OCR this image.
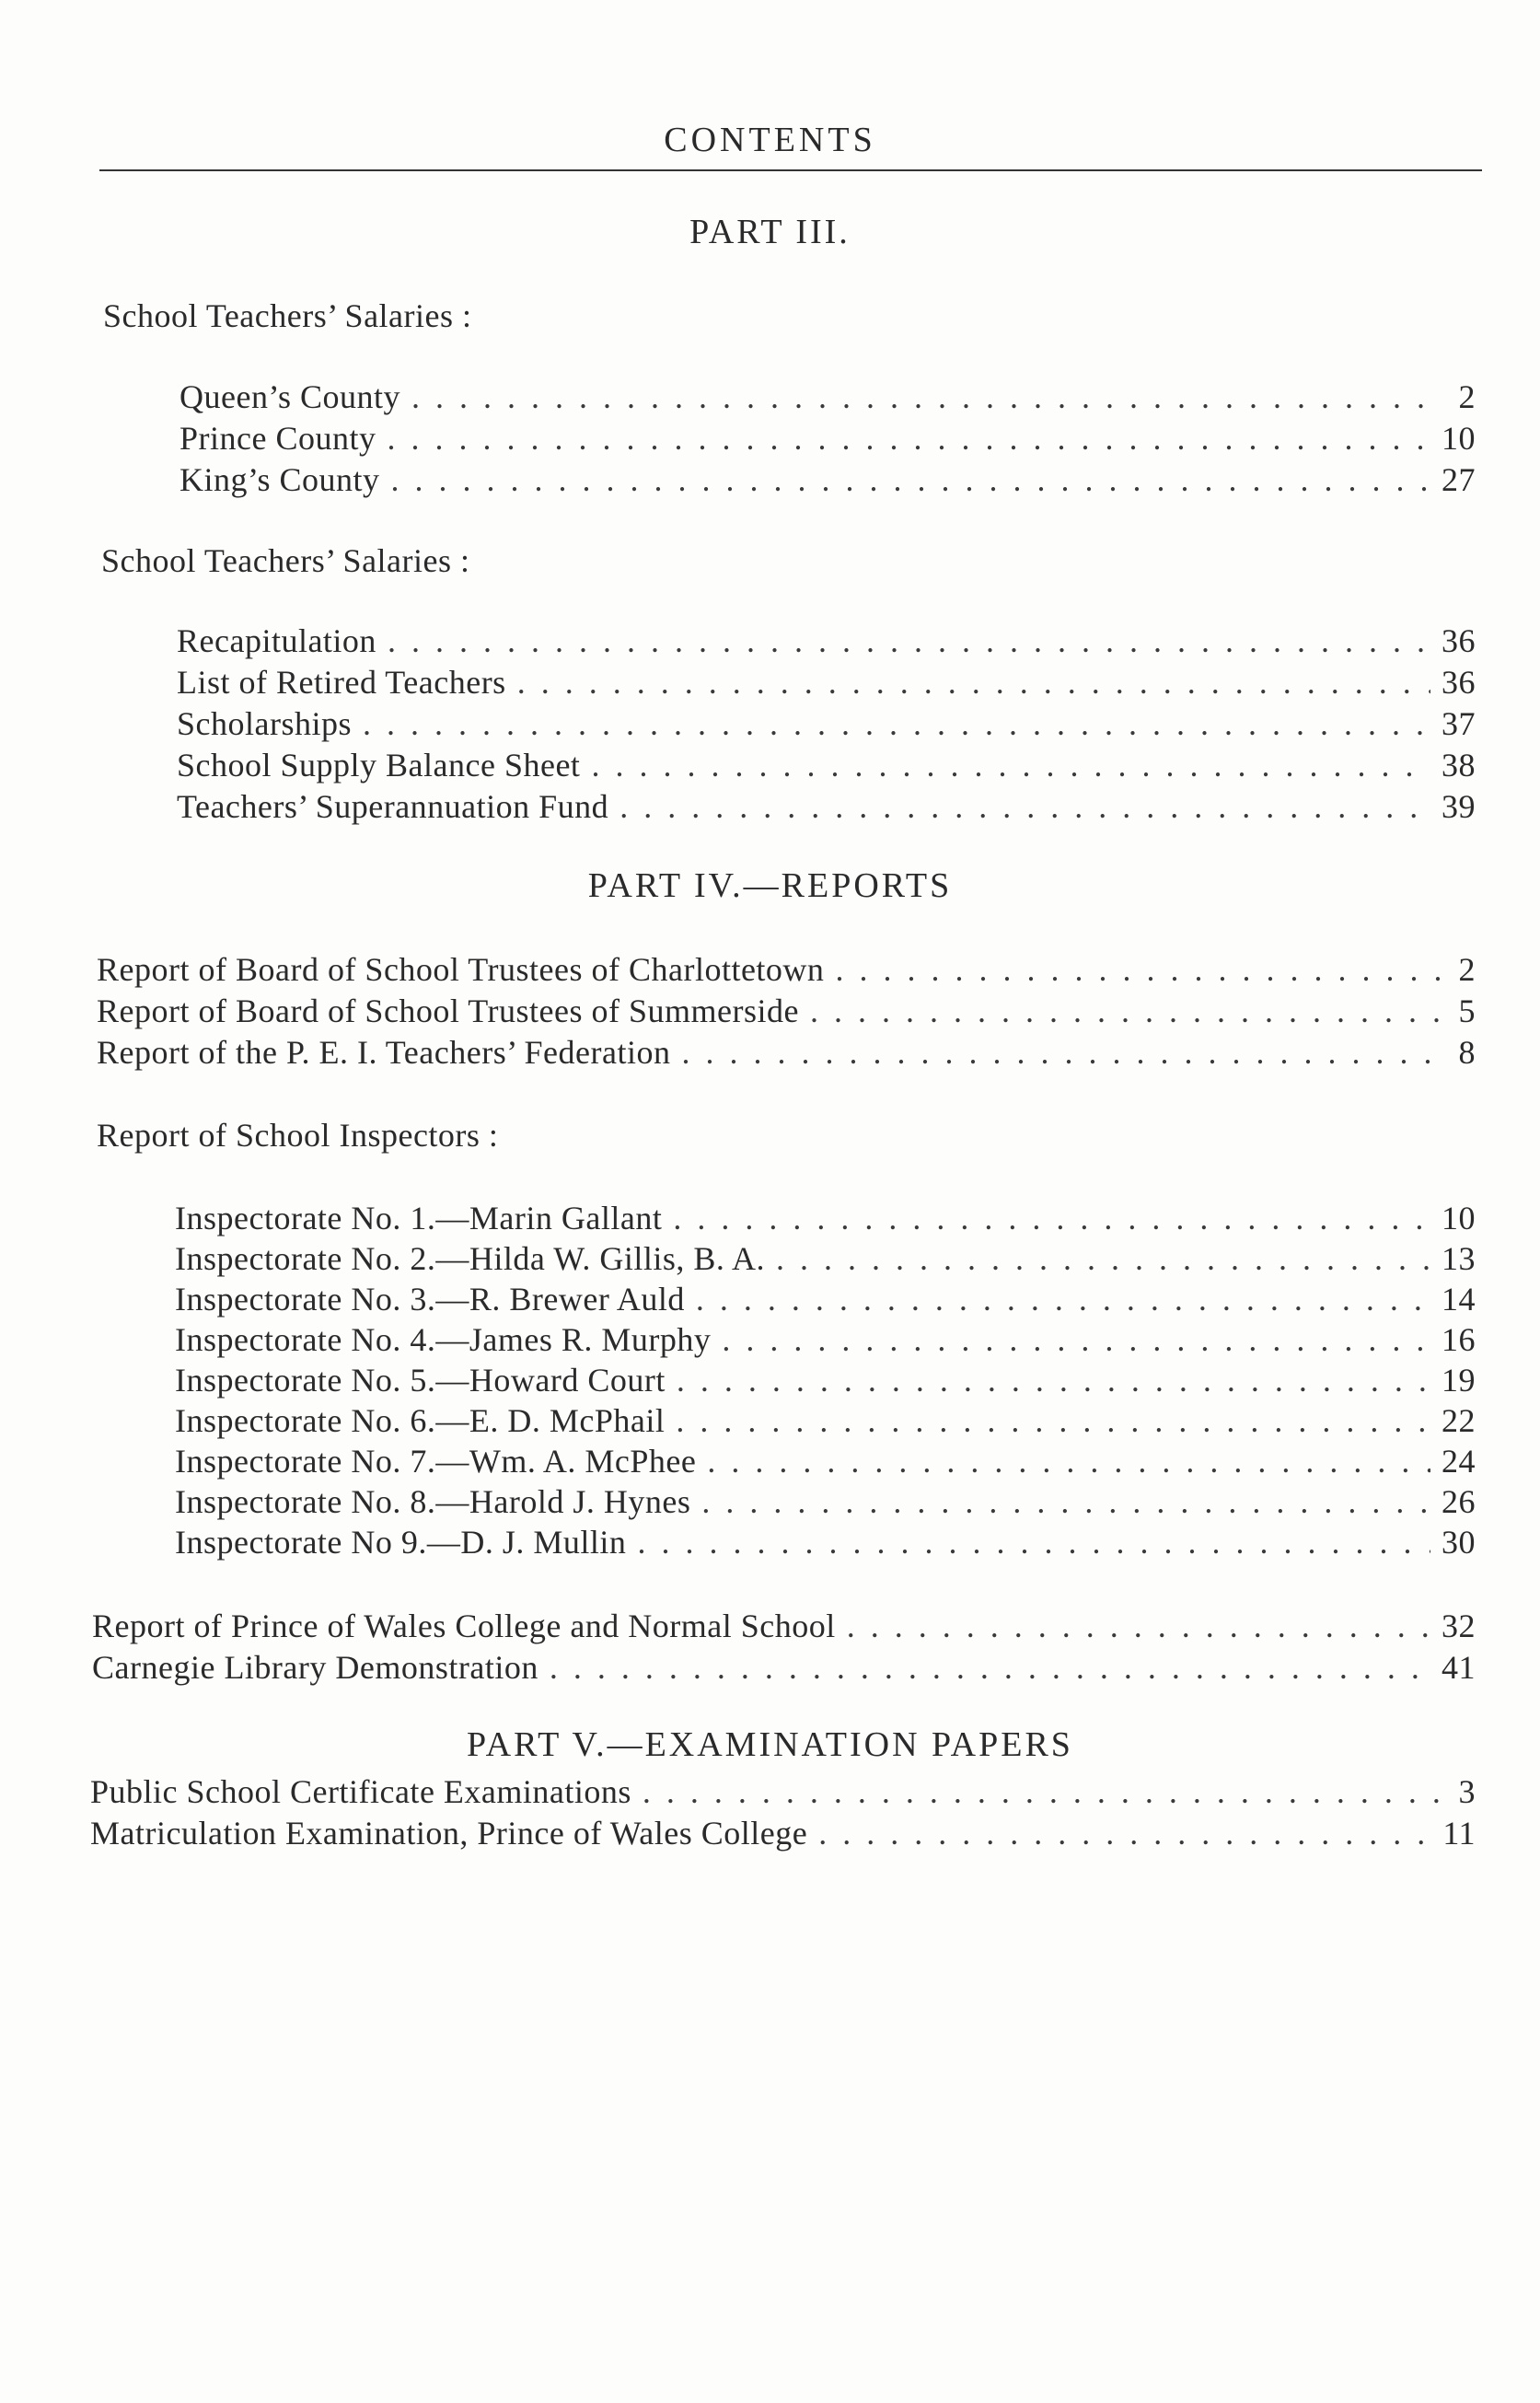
CONTENTS
PART III.
School Teachers’ Salaries :
Queen’s County . . .	2
Prince County . . .	10
King’s County . . .	27
School Teachers’ Salaries :
Recapitulation . . .	36
List of Retired Teachers . . .	36
Scholarships . . .	37
School Supply Balance Sheet . . .	38
Teachers’ Superannuation Fund . . .	39
PART IV.—REPORTS
Report of Board of School Trustees of Charlottetown . . .	2
Report of Board of School Trustees of Summerside . . .	5
Report of the P. E. I. Teachers’ Federation . . .	8
Report of School Inspectors :
Inspectorate No. 1.—Marin Gallant . . .	10
Inspectorate No. 2.—Hilda W. Gillis, B. A. . . .	13
Inspectorate No. 3.—R. Brewer Auld . . .	14
Inspectorate No. 4.—James R. Murphy . . .	16
Inspectorate No. 5.—Howard Court . . .	19
Inspectorate No. 6.—E. D. McPhail . . .	22
Inspectorate No. 7.—Wm. A. McPhee . . .	24
Inspectorate No. 8.—Harold J. Hynes . . .	26
Inspectorate No 9.—D. J. Mullin . . .	30
Report of Prince of Wales College and Normal School . . .	32
Carnegie Library Demonstration . . .	41
PART V.—EXAMINATION PAPERS
Public School Certificate Examinations . . .	3
Matriculation Examination, Prince of Wales College . . .	11
